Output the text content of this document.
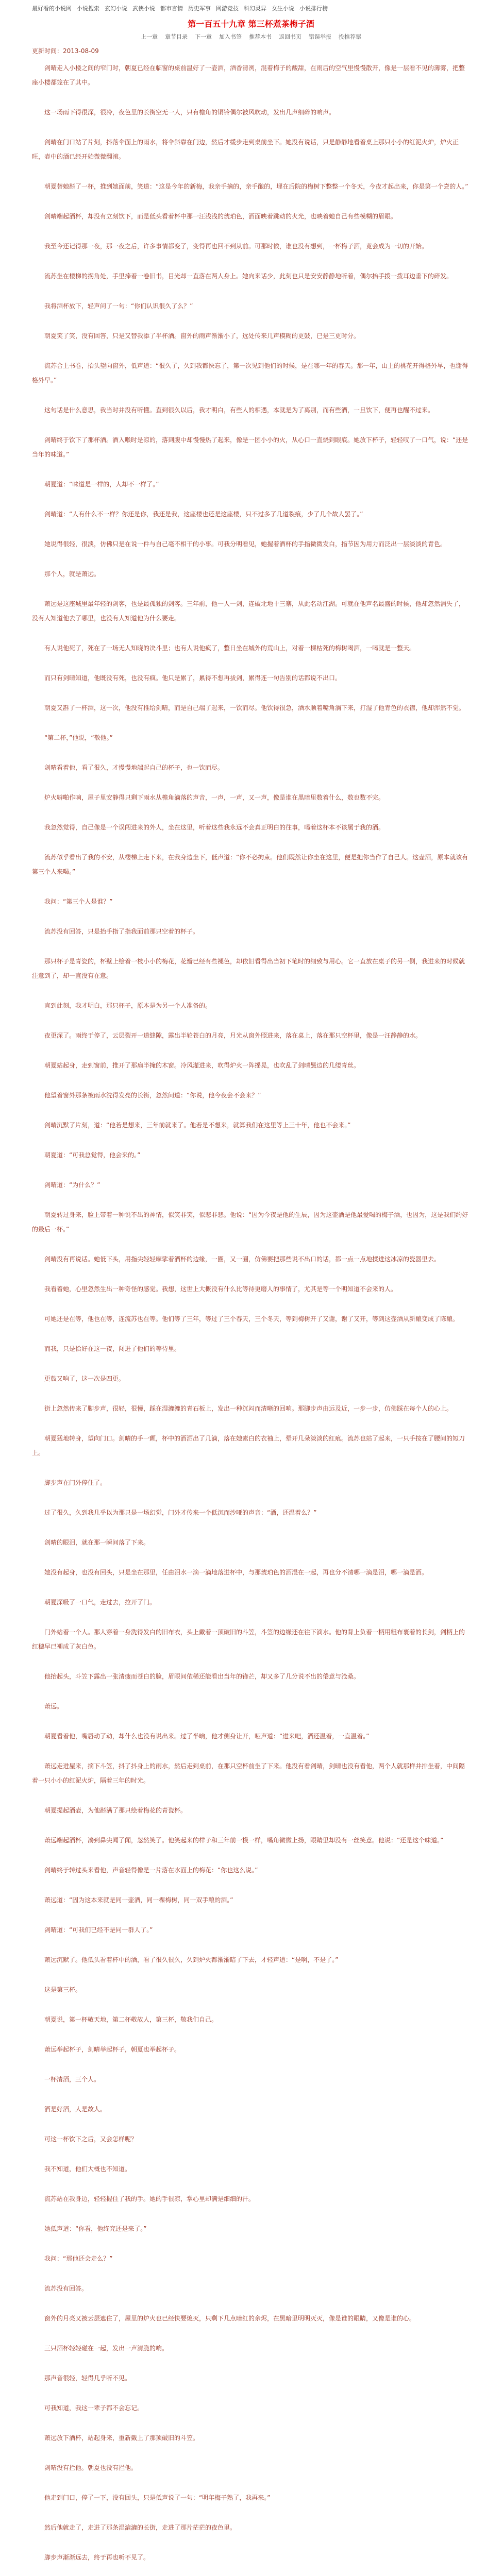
最好看的小说网 小说搜索 玄幻小说 武侠小说 都市言情 历史军事 网游竞技 科幻灵异 女生小说 小说排行榜
第一百五十九章 第三杯煮茶梅子酒
上一章 章节目录 下一章 加入书签 推荐本书 返回书页 错误举报 投推荐票
更新时间：2013-08-09

剑晴走入小楼之间的窄门时，朝夏已经在临窗的桌前温好了一壶酒，酒香清冽，混着梅子的酸甜，在雨后的空气里慢慢散开，像是一层看不见的薄雾，把整座小楼都笼在了其中。

这一场雨下得很深，很冷，夜色里的长街空无一人，只有檐角的铜铃偶尔被风吹动，发出几声细碎的响声。

剑晴在门口站了片刻，抖落伞面上的雨水，将伞斜靠在门边，然后才缓步走到桌前坐下。她没有说话，只是静静地看着桌上那只小小的红泥火炉，炉火正旺，壶中的酒已经开始微微翻滚。

朝夏替她斟了一杯，推到她面前，笑道：“这是今年的新梅，我亲手摘的，亲手酿的，埋在后院的梅树下整整一个冬天，今夜才起出来，你是第一个尝的人。”

剑晴端起酒杯，却没有立刻饮下，而是低头看着杯中那一汪浅浅的琥珀色，酒面映着跳动的火光，也映着她自己有些模糊的眉眼。

我至今还记得那一夜，那一夜之后，许多事情都变了，变得再也回不到从前。可那时候，谁也没有想到，一杯梅子酒，竟会成为一切的开始。

流苏坐在楼梯的拐角处，手里捧着一卷旧书，目光却一直落在两人身上。她向来话少，此刻也只是安安静静地听着，偶尔抬手拨一拨耳边垂下的碎发。

我将酒杯放下，轻声问了一句：“你们认识很久了么？”

朝夏笑了笑，没有回答，只是又替我添了半杯酒。窗外的雨声渐渐小了，远处传来几声模糊的更鼓，已是三更时分。

流苏合上书卷，抬头望向窗外，低声道：“很久了，久到我都快忘了，第一次见到他们的时候，是在哪一年的春天。那一年，山上的桃花开得格外早，也谢得格外早。”

这句话是什么意思，我当时并没有听懂。直到很久以后，我才明白，有些人的相遇，本就是为了离别，而有些酒，一旦饮下，便再也醒不过来。

剑晴终于饮下了那杯酒。酒入喉时是凉的，落到腹中却慢慢热了起来，像是一团小小的火，从心口一直烧到眼底。她放下杯子，轻轻叹了一口气，说：“还是当年的味道。”

朝夏道：“味道是一样的，人却不一样了。”

剑晴道：“人有什么不一样？你还是你，我还是我，这座楼也还是这座楼，只不过多了几道裂痕，少了几个故人罢了。”

她说得很轻，很淡，仿佛只是在说一件与自己毫不相干的小事。可我分明看见，她握着酒杯的手指微微发白，指节因为用力而泛出一层淡淡的青色。

那个人，就是萧远。

萧远是这座城里最年轻的剑客，也是最孤独的剑客。三年前，他一人一剑，连破北地十三寨，从此名动江湖。可就在他声名最盛的时候，他却忽然消失了，没有人知道他去了哪里，也没有人知道他为什么要走。

有人说他死了，死在了一场无人知晓的决斗里；也有人说他疯了，整日坐在城外的荒山上，对着一棵枯死的梅树喝酒，一喝就是一整天。

而只有剑晴知道，他既没有死，也没有疯。他只是累了，累得不想再拔剑，累得连一句告别的话都说不出口。

朝夏又斟了一杯酒，这一次，他没有推给剑晴，而是自己端了起来，一饮而尽。他饮得很急，酒水顺着嘴角淌下来，打湿了他青色的衣襟，他却浑然不觉。

“第二杯，”他说，“敬他。”

剑晴看着他，看了很久，才慢慢地端起自己的杯子，也一饮而尽。

炉火噼啪作响，屋子里安静得只剩下雨水从檐角滴落的声音，一声，一声，又一声，像是谁在黑暗里数着什么，数也数不完。

我忽然觉得，自己像是一个误闯进来的外人，坐在这里，听着这些我永远不会真正明白的往事，喝着这杯本不该属于我的酒。

流苏似乎看出了我的不安，从楼梯上走下来，在我身边坐下，低声道：“你不必拘束。他们既然让你坐在这里，便是把你当作了自己人。这壶酒，原本就该有第三个人来喝。”

我问：“第三个人是谁？”

流苏没有回答，只是抬手指了指我面前那只空着的杯子。

那只杯子是青瓷的，杯壁上绘着一枝小小的梅花，花瓣已经有些褪色，却依旧看得出当初下笔时的细致与用心。它一直放在桌子的另一侧，我进来的时候就注意到了，却一直没有在意。

直到此刻，我才明白，那只杯子，原本是为另一个人准备的。

夜更深了。雨终于停了，云层裂开一道缝隙，露出半轮苍白的月亮，月光从窗外照进来，落在桌上，落在那只空杯里，像是一汪静静的水。

朝夏站起身，走到窗前，推开了那扇半掩的木窗。冷风灌进来，吹得炉火一阵摇晃，也吹乱了剑晴鬓边的几缕青丝。

他望着窗外那条被雨水洗得发亮的长街，忽然问道：“你说，他今夜会不会来？”

剑晴沉默了片刻，道：“他若是想来，三年前就来了。他若是不想来，就算我们在这里等上三十年，他也不会来。”

朝夏道：“可我总觉得，他会来的。”

剑晴道：“为什么？”

朝夏转过身来，脸上带着一种说不出的神情，似笑非笑，似悲非悲。他说：“因为今夜是他的生辰，因为这壶酒是他最爱喝的梅子酒，也因为，这是我们约好的最后一杯。”

剑晴没有再说话。她低下头，用指尖轻轻摩挲着酒杯的边缘，一圈，又一圈，仿佛要把那些说不出口的话，都一点一点地揉进这冰凉的瓷器里去。

我看着她，心里忽然生出一种奇怪的感觉。我想，这世上大概没有什么比等待更磨人的事情了，尤其是等一个明知道不会来的人。

可她还是在等，他也在等，连流苏也在等。他们等了三年，等过了三个春天，三个冬天，等到梅树开了又谢，谢了又开，等到这壶酒从新酿变成了陈酿。

而我，只是恰好在这一夜，闯进了他们的等待里。

更鼓又响了，这一次是四更。

街上忽然传来了脚步声，很轻，很慢，踩在湿漉漉的青石板上，发出一种沉闷而清晰的回响。那脚步声由远及近，一步一步，仿佛踩在每个人的心上。

朝夏猛地转身，望向门口。剑晴的手一颤，杯中的酒洒出了几滴，落在她素白的衣袖上，晕开几朵淡淡的红痕。流苏也站了起来，一只手按在了腰间的短刀上。

脚步声在门外停住了。

过了很久，久到我几乎以为那只是一场幻觉，门外才传来一个低沉而沙哑的声音：“酒，还温着么？”

剑晴的眼泪，就在那一瞬间落了下来。

她没有起身，也没有回头，只是坐在那里，任由泪水一滴一滴地落进杯中，与那琥珀色的酒混在一起，再也分不清哪一滴是泪，哪一滴是酒。

朝夏深吸了一口气，走过去，拉开了门。

门外站着一个人。那人穿着一身洗得发白的旧布衣，头上戴着一顶破旧的斗笠，斗笠的边缘还在往下滴水。他的背上负着一柄用粗布裹着的长剑，剑柄上的红穗早已褪成了灰白色。

他抬起头，斗笠下露出一张清瘦而苍白的脸，眉眼间依稀还能看出当年的锋芒，却又多了几分说不出的倦意与沧桑。

萧远。

朝夏看着他，嘴唇动了动，却什么也没有说出来。过了半晌，他才侧身让开，哑声道：“进来吧，酒还温着，一直温着。”

萧远走进屋来，摘下斗笠，抖了抖身上的雨水，然后走到桌前，在那只空杯前坐了下来。他没有看剑晴，剑晴也没有看他，两个人就那样并排坐着，中间隔着一只小小的红泥火炉，隔着三年的时光。

朝夏提起酒壶，为他斟满了那只绘着梅花的青瓷杯。

萧远端起酒杯，凑到鼻尖闻了闻，忽然笑了。他笑起来的样子和三年前一模一样，嘴角微微上扬，眼睛里却没有一丝笑意。他说：“还是这个味道。”

剑晴终于转过头来看他，声音轻得像是一片落在水面上的梅花：“你也这么说。”

萧远道：“因为这本来就是同一壶酒，同一棵梅树，同一双手酿的酒。”

剑晴道：“可我们已经不是同一群人了。”

萧远沉默了。他低头看着杯中的酒，看了很久很久，久到炉火都渐渐暗了下去，才轻声道：“是啊，不是了。”

这是第三杯。

朝夏说，第一杯敬天地，第二杯敬故人，第三杯，敬我们自己。

萧远举起杯子，剑晴举起杯子，朝夏也举起杯子。

一杯清酒，三个人。

酒是好酒，人是故人。

可这一杯饮下之后，又会怎样呢？

我不知道，他们大概也不知道。

流苏站在我身边，轻轻握住了我的手。她的手很凉，掌心里却满是细细的汗。

她低声道：“你看，他终究还是来了。”

我问：“那他还会走么？”

流苏没有回答。

窗外的月亮又被云层遮住了，屋里的炉火也已经快要熄灭，只剩下几点暗红的余烬，在黑暗里明明灭灭，像是谁的眼睛，又像是谁的心。

三只酒杯轻轻碰在一起，发出一声清脆的响。

那声音很轻，轻得几乎听不见。

可我知道，我这一辈子都不会忘记。

萧远放下酒杯，站起身来，重新戴上了那顶破旧的斗笠。

剑晴没有拦他。朝夏也没有拦他。

他走到门口，停了一下，没有回头，只是低声说了一句：“明年梅子熟了，我再来。”

然后他就走了，走进了那条湿漉漉的长街，走进了那片茫茫的夜色里。

脚步声渐渐远去，终于再也听不见了。
